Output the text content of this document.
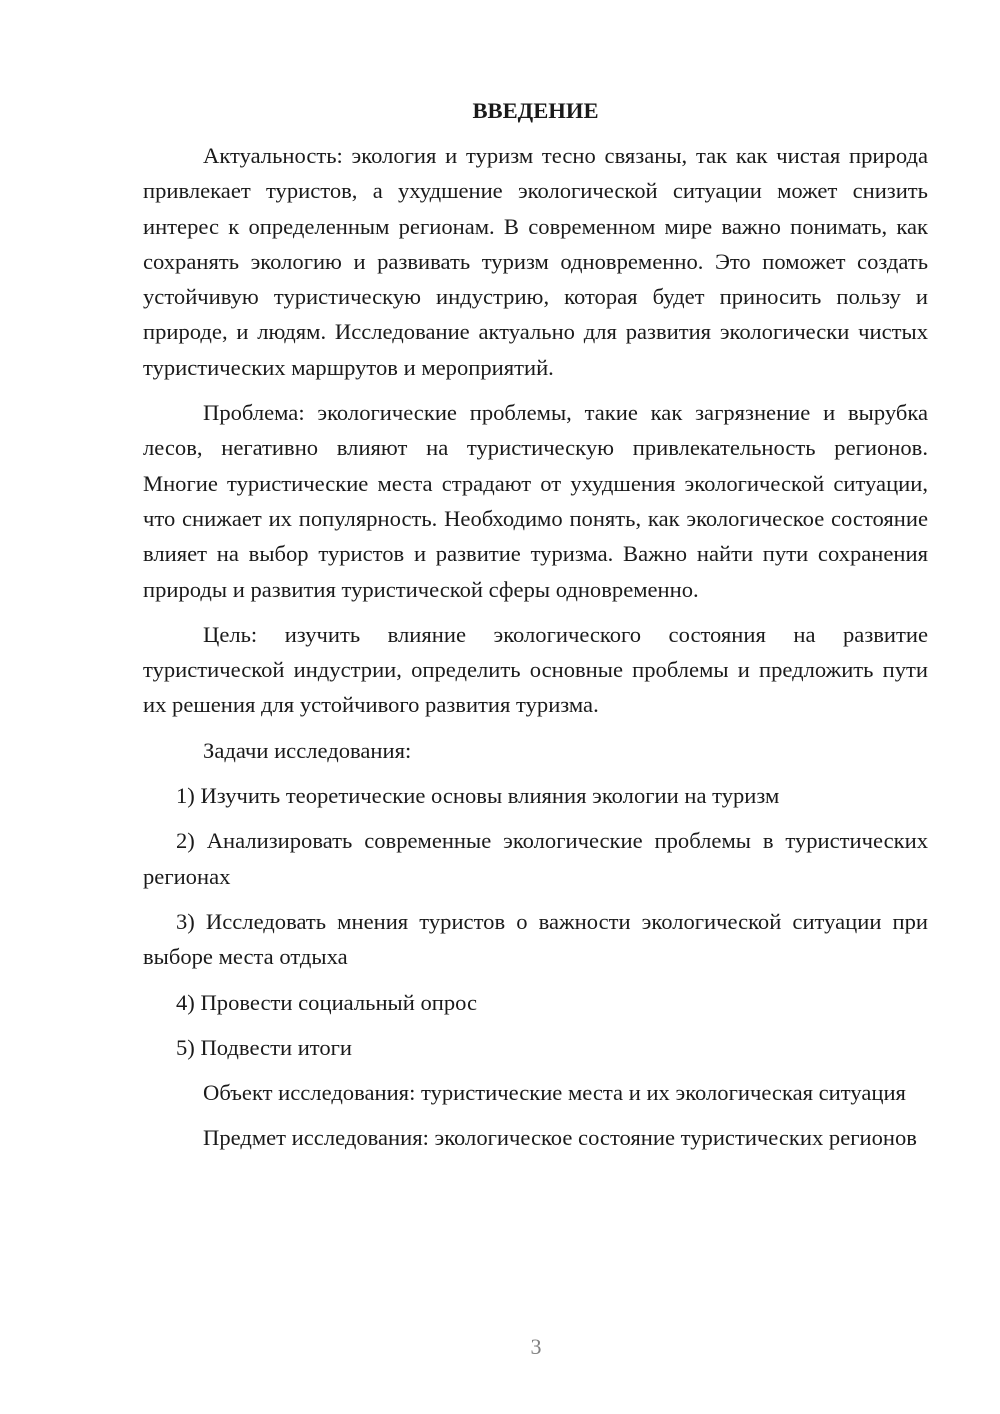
ВВЕДЕНИЕ

Актуальность: экология и туризм тесно связаны, так как чистая природа привлекает туристов, а ухудшение экологической ситуации может снизить интерес к определенным регионам. В современном мире важно понимать, как сохранять экологию и развивать туризм одновременно. Это поможет создать устойчивую туристическую индустрию, которая будет приносить пользу и природе, и людям. Исследование актуально для развития экологически чистых туристических маршрутов и мероприятий.

Проблема: экологические проблемы, такие как загрязнение и вырубка лесов, негативно влияют на туристическую привлекательность регионов. Многие туристические места страдают от ухудшения экологической ситуации, что снижает их популярность. Необходимо понять, как экологическое состояние влияет на выбор туристов и развитие туризма. Важно найти пути сохранения природы и развития туристической сферы одновременно.

Цель: изучить влияние экологического состояния на развитие туристической индустрии, определить основные проблемы и предложить пути их решения для устойчивого развития туризма.

Задачи исследования:

1) Изучить теоретические основы влияния экологии на туризм

2) Анализировать современные экологические проблемы в туристических регионах

3) Исследовать мнения туристов о важности экологической ситуации при выборе места отдыха

4) Провести социальный опрос

5) Подвести итоги

Объект исследования: туристические места и их экологическая ситуация

Предмет исследования: экологическое состояние туристических регионов

3
